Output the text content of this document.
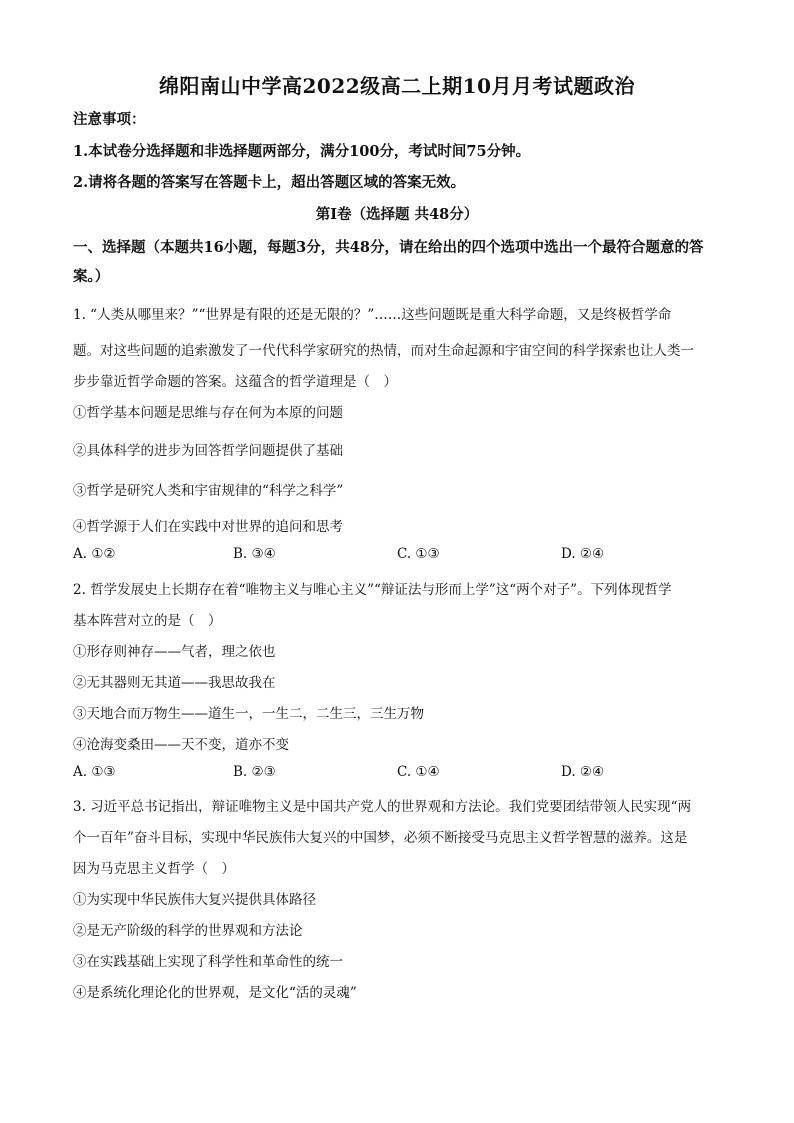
绵阳南山中学高2022级高二上期10月月考试题政治
注意事项：
1.本试卷分选择题和非选择题两部分，满分100分，考试时间75分钟。
2.请将各题的答案写在答题卡上，超出答题区域的答案无效。
第Ⅰ卷（选择题 共48分）
一、选择题（本题共16小题，每题3分，共48分，请在给出的四个选项中选出一个最符合题意的答案。）
1. “人类从哪里来？”“世界是有限的还是无限的？”……这些问题既是重大科学命题，又是终极哲学命
题。对这些问题的追索激发了一代代科学家研究的热情，而对生命起源和宇宙空间的科学探索也让人类一
步步靠近哲学命题的答案。这蕴含的哲学道理是（　）
①哲学基本问题是思维与存在何为本原的问题
②具体科学的进步为回答哲学问题提供了基础
③哲学是研究人类和宇宙规律的“科学之科学”
④哲学源于人们在实践中对世界的追问和思考
A. ①②	B. ③④	C. ①③	D. ②④
2. 哲学发展史上长期存在着“唯物主义与唯心主义”“辩证法与形而上学”这“两个对子”。下列体现哲学
基本阵营对立的是（　）
①形存则神存——气者，理之依也
②无其器则无其道——我思故我在
③天地合而万物生——道生一，一生二，二生三，三生万物
④沧海变桑田——天不变，道亦不变
A. ①③	B. ②③	C. ①④	D. ②④
3. 习近平总书记指出，辩证唯物主义是中国共产党人的世界观和方法论。我们党要团结带领人民实现“两
个一百年”奋斗目标，实现中华民族伟大复兴的中国梦，必须不断接受马克思主义哲学智慧的滋养。这是
因为马克思主义哲学（　）
①为实现中华民族伟大复兴提供具体路径
②是无产阶级的科学的世界观和方法论
③在实践基础上实现了科学性和革命性的统一
④是系统化理论化的世界观，是文化“活的灵魂”
